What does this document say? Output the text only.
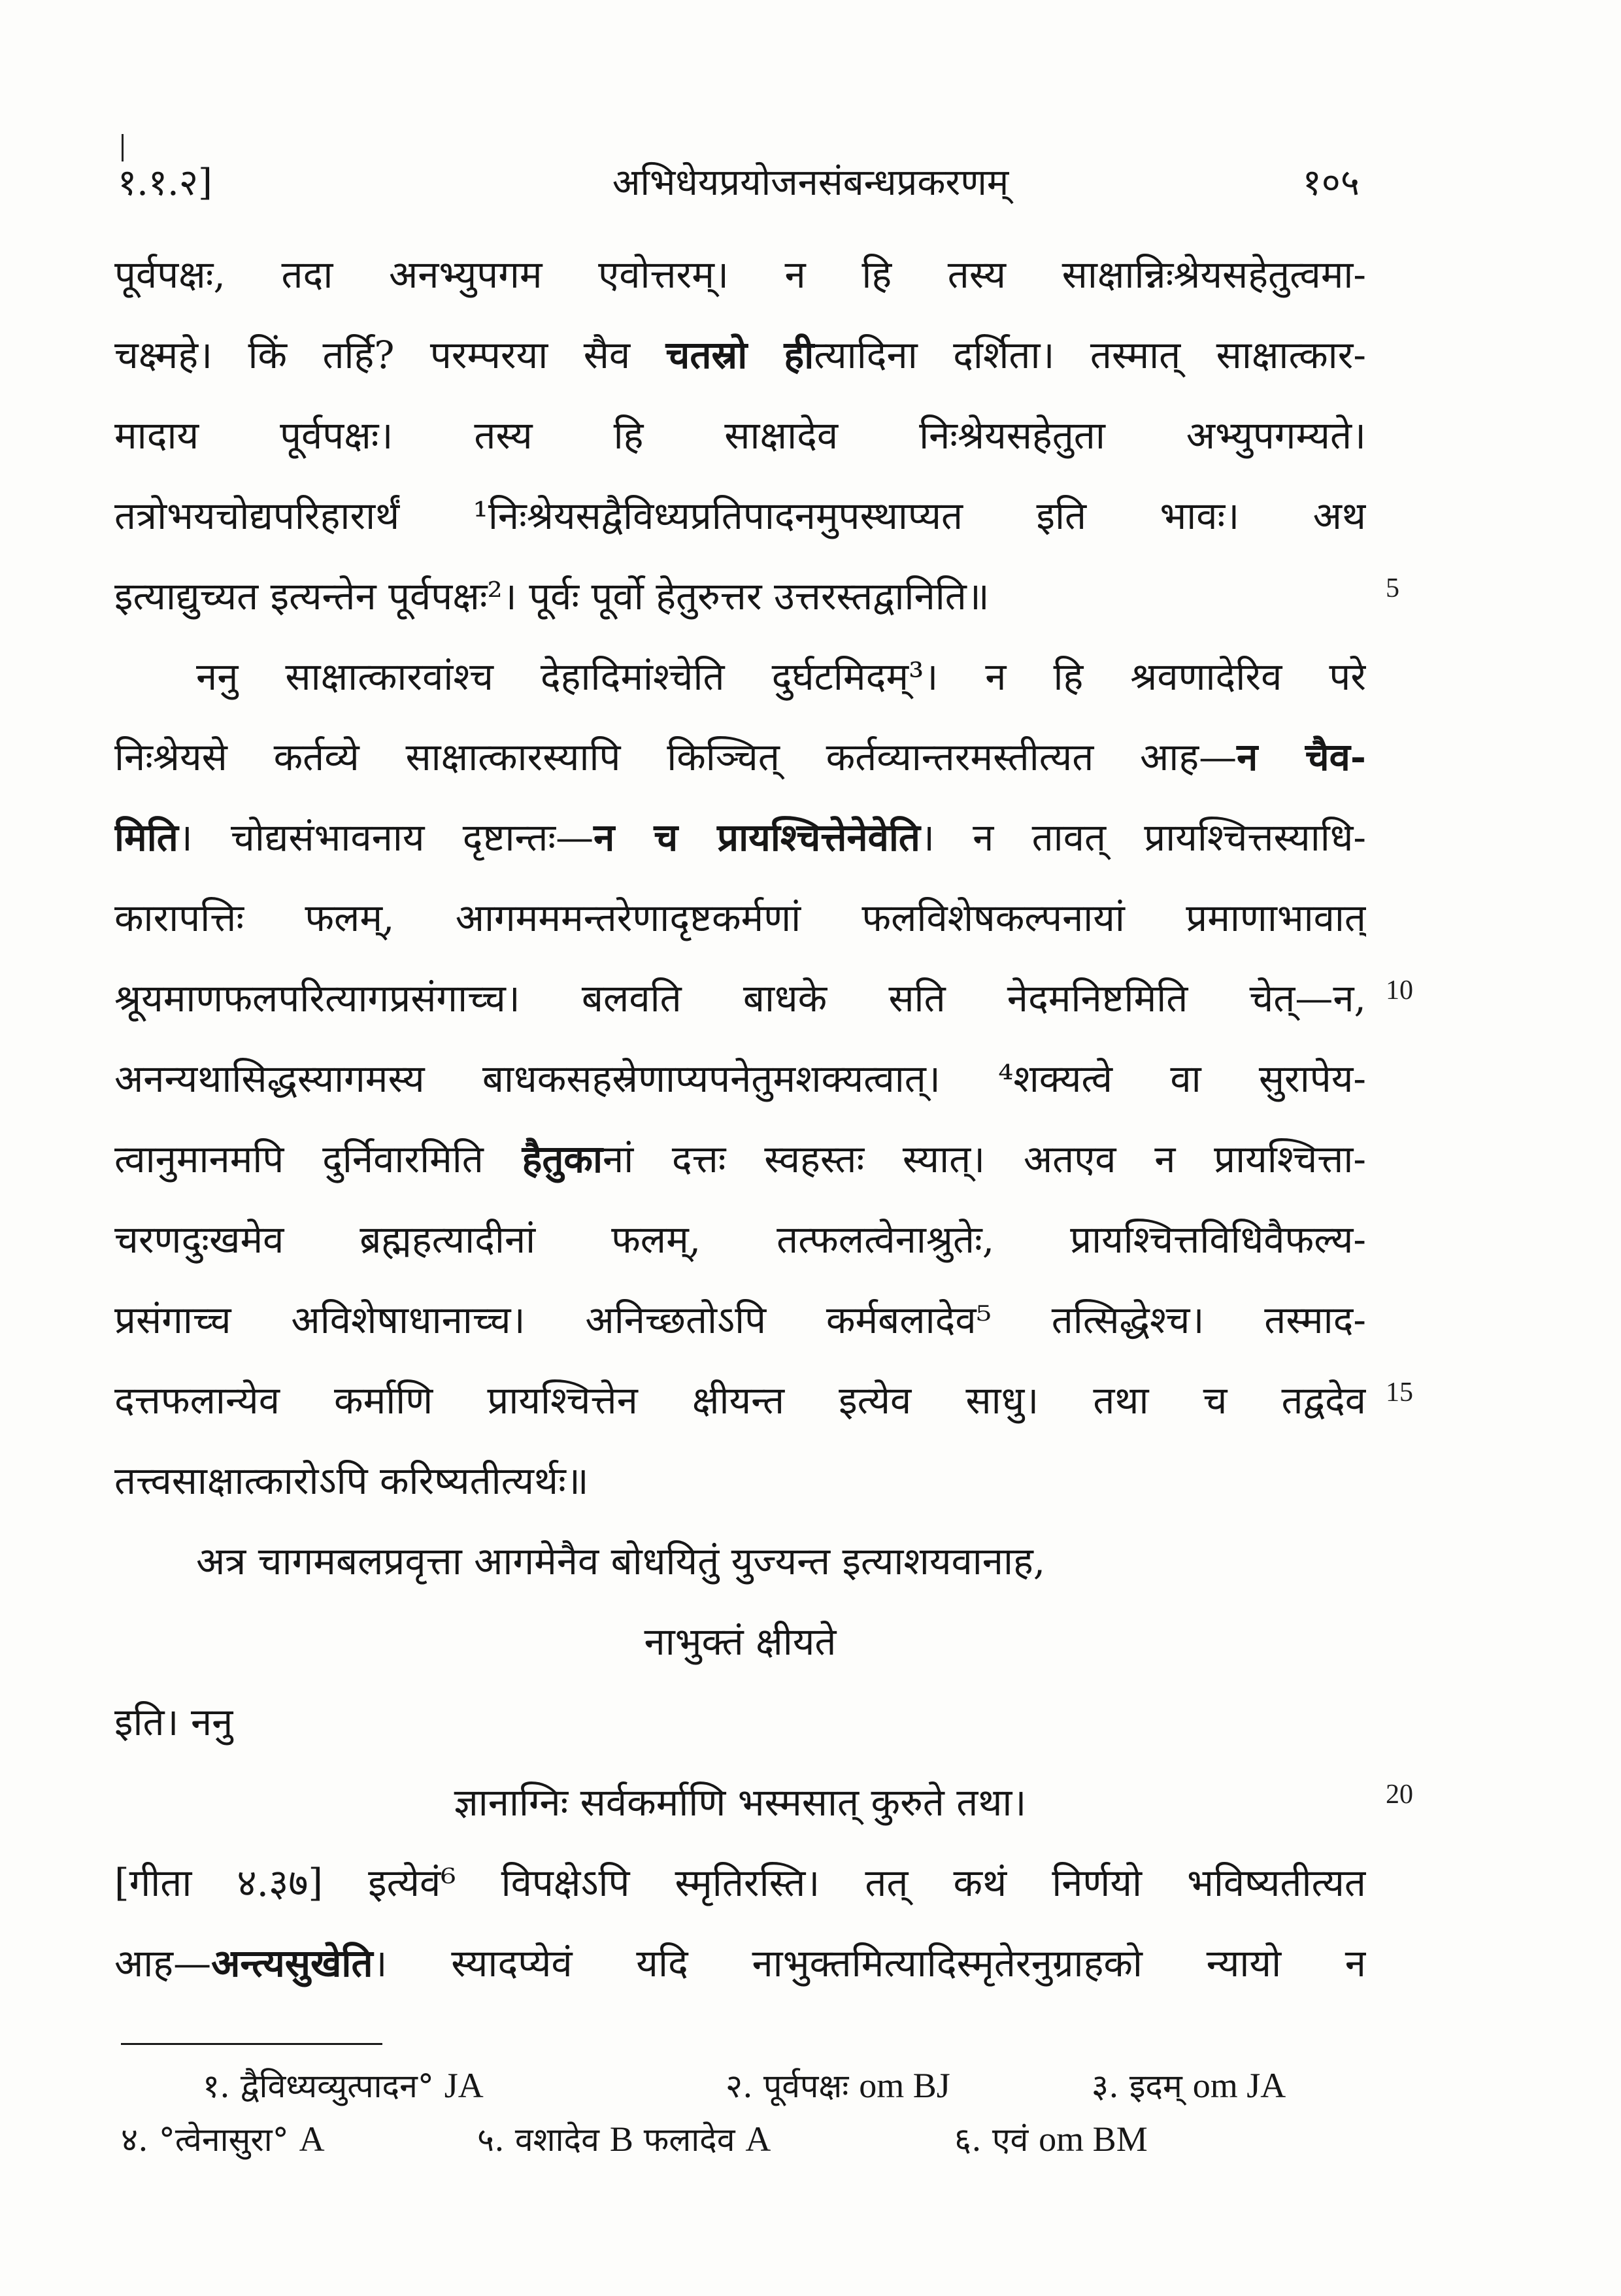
१.१.२]	अभिधेयप्रयोजनसंबन्धप्रकरणम्	१०५
पूर्वपक्षः, तदा अनभ्युपगम एवोत्तरम्। न हि तस्य साक्षान्निःश्रेयसहेतुत्वमा-
चक्ष्महे। किं तर्हि? परम्परया सैव चतस्रो हीत्यादिना दर्शिता। तस्मात् साक्षात्कार-
मादाय पूर्वपक्षः। तस्य हि साक्षादेव निःश्रेयसहेतुता अभ्युपगम्यते।
तत्रोभयचोद्यपरिहारार्थं ¹निःश्रेयसद्वैविध्यप्रतिपादनमुपस्थाप्यत इति भावः। अथ
इत्याद्युच्यत इत्यन्तेन पूर्वपक्षः²। पूर्वः पूर्वो हेतुरुत्तर उत्तरस्तद्वानिति॥
ननु साक्षात्कारवांश्च देहादिमांश्चेति दुर्घटमिदम्³। न हि श्रवणादेरिव परे
निःश्रेयसे कर्तव्ये साक्षात्कारस्यापि किञ्चित् कर्तव्यान्तरमस्तीत्यत आह—न चैव-
मिति। चोद्यसंभावनाय दृष्टान्तः—न च प्रायश्चित्तेनेवेति। न तावत् प्रायश्चित्तस्याधि-
कारापत्तिः फलम्, आगमममन्तरेणादृष्टकर्मणां फलविशेषकल्पनायां प्रमाणाभावात्
श्रूयमाणफलपरित्यागप्रसंगाच्च। बलवति बाधके सति नेदमनिष्टमिति चेत्—न,
अनन्यथासिद्धस्यागमस्य बाधकसहस्रेणाप्यपनेतुमशक्यत्वात्। ⁴शक्यत्वे वा सुरापेय-
त्वानुमानमपि दुर्निवारमिति हैतुकानां दत्तः स्वहस्तः स्यात्। अतएव न प्रायश्चित्ता-
चरणदुःखमेव ब्रह्महत्यादीनां फलम्, तत्फलत्वेनाश्रुतेः, प्रायश्चित्तविधिवैफल्य-
प्रसंगाच्च अविशेषाधानाच्च। अनिच्छतोऽपि कर्मबलादेव⁵ तत्सिद्धेश्च। तस्माद-
दत्तफलान्येव कर्माणि प्रायश्चित्तेन क्षीयन्त इत्येव साधु। तथा च तद्वदेव
तत्त्वसाक्षात्कारोऽपि करिष्यतीत्यर्थः॥
अत्र चागमबलप्रवृत्ता आगमेनैव बोधयितुं युज्यन्त इत्याशयवानाह,
नाभुक्तं क्षीयते
इति। ननु
ज्ञानाग्निः सर्वकर्माणि भस्मसात् कुरुते तथा।
[गीता ४.३७] इत्येवं⁶ विपक्षेऽपि स्मृतिरस्ति। तत् कथं निर्णयो भविष्यतीत्यत
आह—अन्त्यसुखेति। स्यादप्येवं यदि नाभुक्तमित्यादिस्मृतेरनुग्राहको न्यायो न
5
10
15
20
१. द्वैविध्यव्युत्पादन° JA	२. पूर्वपक्षः om BJ	३. इदम् om JA
४. °त्वेनासुरा° A	५. वशादेव B फलादेव A	६. एवं om BM
